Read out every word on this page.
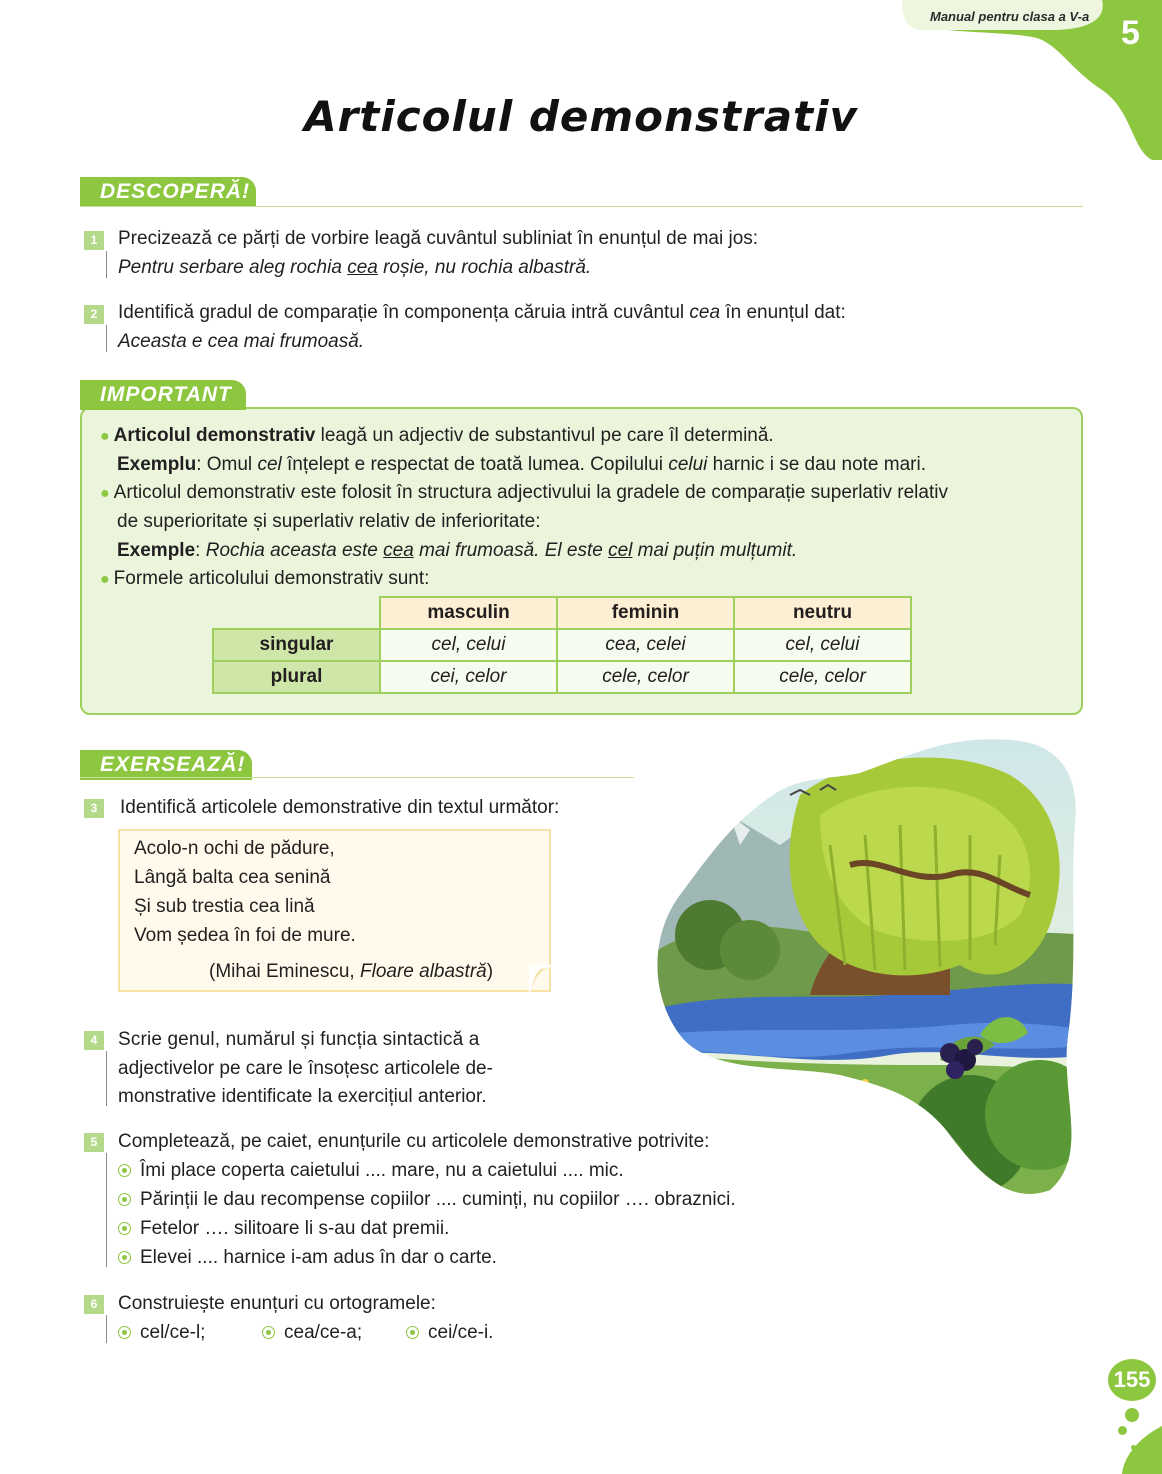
Manual pentru clasa a V-a 5
Articolul demonstrativ
DESCOPERĂ!
1	Precizează ce părți de vorbire leagă cuvântul subliniat în enunțul de mai jos:
Pentru serbare aleg rochia cea roșie, nu rochia albastră.
2	Identifică gradul de comparație în componența căruia intră cuvântul cea în enunțul dat:
Aceasta e cea mai frumoasă.
IMPORTANT
● Articolul demonstrativ leagă un adjectiv de substantivul pe care îl determină.
Exemplu: Omul cel înțelept e respectat de toată lumea. Copilului celui harnic i se dau note mari.
● Articolul demonstrativ este folosit în structura adjectivului la gradele de comparație superlativ relativ
de superioritate și superlativ relativ de inferioritate:
Exemple: Rochia aceasta este cea mai frumoasă. El este cel mai puțin mulțumit.
● Formele articolului demonstrativ sunt:
	masculin	feminin	neutru
singular	cel, celui	cea, celei	cel, celui
plural	cei, celor	cele, celor	cele, celor
EXERSEAZĂ!
3	Identifică articolele demonstrative din textul următor:
Acolo-n ochi de pădure,
Lângă balta cea senină
Și sub trestia cea lină
Vom ședea în foi de mure.
(Mihai Eminescu, Floare albastră)
4	Scrie genul, numărul și funcția sintactică a
adjectivelor pe care le însoțesc articolele de-
monstrative identificate la exercițiul anterior.
5	Completează, pe caiet, enunțurile cu articolele demonstrative potrivite:
Îmi place coperta caietului .... mare, nu a caietului .... mic.
Părinții le dau recompense copiilor .... cuminți, nu copiilor …. obraznici.
Fetelor …. silitoare li s-au dat premii.
Elevei .... harnice i-am adus în dar o carte.
6	Construiește enunțuri cu ortogramele:
cel/ce-l;	cea/ce-a;	cei/ce-i.
155
